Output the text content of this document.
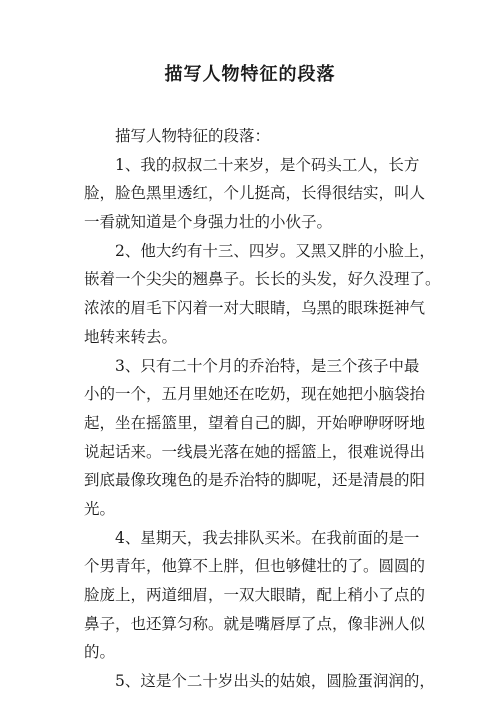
描写人物特征的段落
描写人物特征的段落：
1、我的叔叔二十来岁，是个码头工人，长方
脸，脸色黑里透红，个儿挺高，长得很结实，叫人
一看就知道是个身强力壮的小伙子。
2、他大约有十三、四岁。又黑又胖的小脸上，
嵌着一个尖尖的翘鼻子。长长的头发，好久没理了。
浓浓的眉毛下闪着一对大眼睛，乌黑的眼珠挺神气
地转来转去。
3、只有二十个月的乔治特，是三个孩子中最
小的一个，五月里她还在吃奶，现在她把小脑袋抬
起，坐在摇篮里，望着自己的脚，开始咿咿呀呀地
说起话来。一线晨光落在她的摇篮上，很难说得出
到底最像玫瑰色的是乔治特的脚呢，还是清晨的阳
光。
4、星期天，我去排队买米。在我前面的是一
个男青年，他算不上胖，但也够健壮的了。圆圆的
脸庞上，两道细眉，一双大眼睛，配上稍小了点的
鼻子，也还算匀称。就是嘴唇厚了点，像非洲人似
的。
5、这是个二十岁出头的姑娘，圆脸蛋润润的，
